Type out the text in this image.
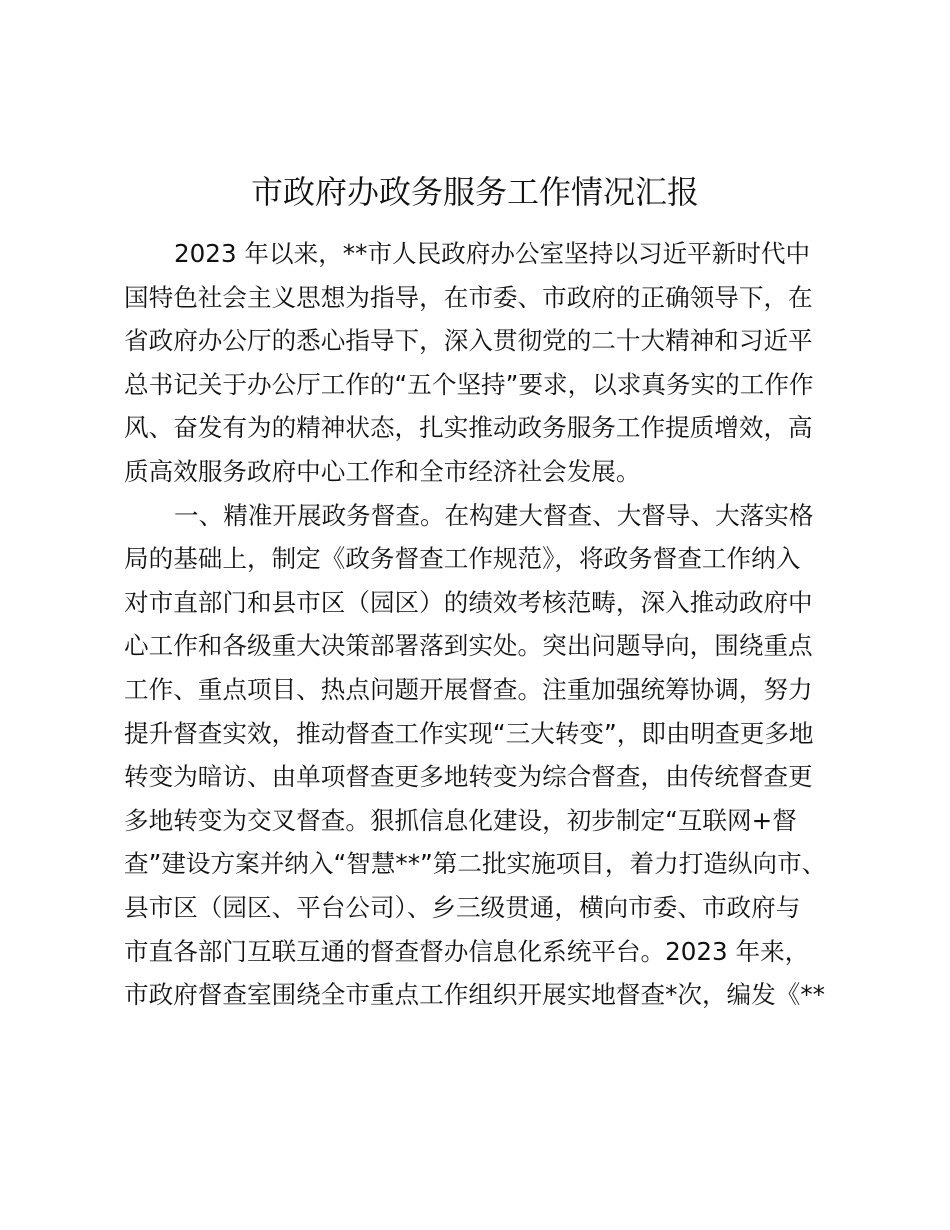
市政府办政务服务工作情况汇报
2023 年以来，**市人民政府办公室坚持以习近平新时代中
国特色社会主义思想为指导，在市委、市政府的正确领导下，在
省政府办公厅的悉心指导下，深入贯彻党的二十大精神和习近平
总书记关于办公厅工作的“五个坚持”要求，以求真务实的工作作
风、奋发有为的精神状态，扎实推动政务服务工作提质增效，高
质高效服务政府中心工作和全市经济社会发展。
一、精准开展政务督查。在构建大督查、大督导、大落实格
局的基础上，制定《政务督查工作规范》，将政务督查工作纳入
对市直部门和县市区（园区）的绩效考核范畴，深入推动政府中
心工作和各级重大决策部署落到实处。突出问题导向，围绕重点
工作、重点项目、热点问题开展督查。注重加强统筹协调，努力
提升督查实效，推动督查工作实现“三大转变”，即由明查更多地
转变为暗访、由单项督查更多地转变为综合督查，由传统督查更
多地转变为交叉督查。狠抓信息化建设，初步制定“互联网+督
查”建设方案并纳入“智慧**”第二批实施项目，着力打造纵向市、
县市区（园区、平台公司）、乡三级贯通，横向市委、市政府与
市直各部门互联互通的督查督办信息化系统平台。2023 年来，
市政府督查室围绕全市重点工作组织开展实地督查*次，编发《**
